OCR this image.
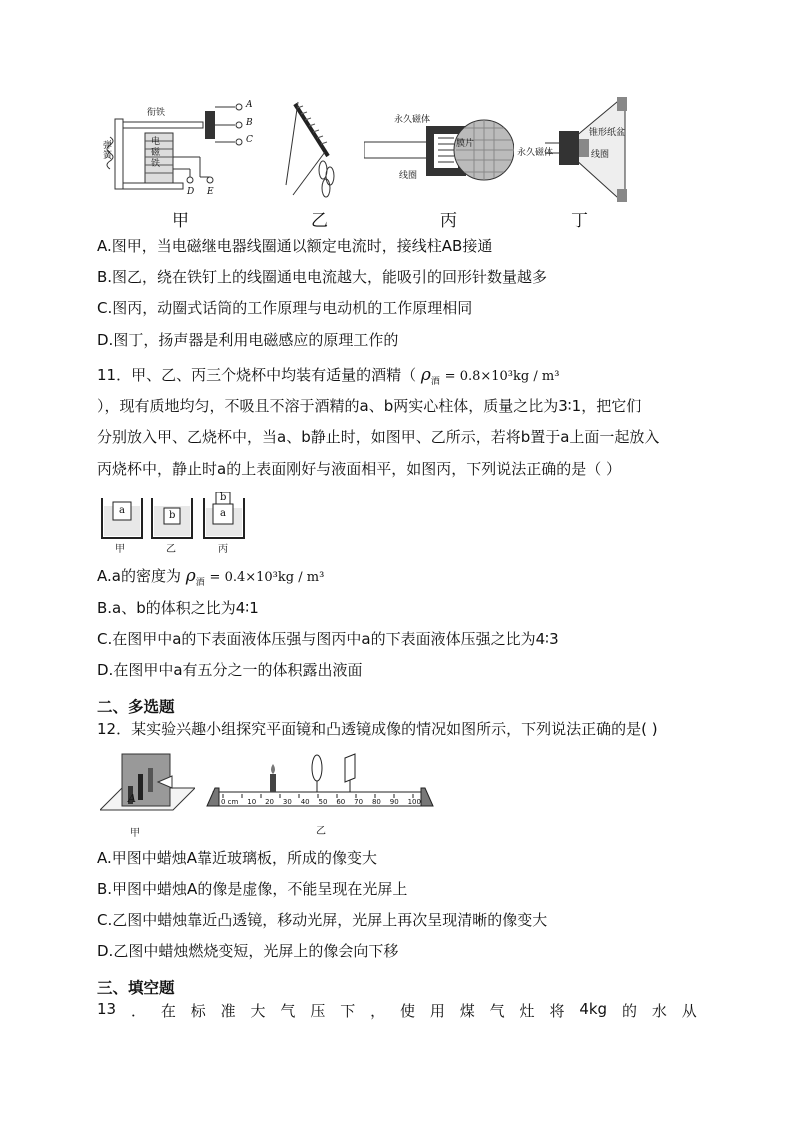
衔铁
弹簧
电磁铁
A
B
C
D E
永久磁体
膜片
线圈
永久磁体
锥形纸盆
线圈
甲	乙	丙	丁
A.图甲，当电磁继电器线圈通以额定电流时，接线柱AB接通
B.图乙，绕在铁钉上的线圈通电电流越大，能吸引的回形针数量越多
C.图丙，动圈式话筒的工作原理与电动机的工作原理相同
D.图丁，扬声器是利用电磁感应的原理工作的
11．甲、乙、丙三个烧杯中均装有适量的酒精（ $\rho_酒 = 0.8\times 10^3kg / m^3$
），现有质地均匀，不吸且不溶于酒精的a、b两实心柱体，质量之比为3∶1，把它们
分别放入甲、乙烧杯中，当a、b静止时，如图甲、乙所示，若将b置于a上面一起放入
丙烧杯中，静止时a的上表面刚好与液面相平，如图丙，下列说法正确的是（ ）
a	b
b
a
甲	乙	丙
A.a的密度为 $\rho_酒 = 0.4\times 10^3kg / m^3$
B.a、b的体积之比为4∶1
C.在图甲中a的下表面液体压强与图丙中a的下表面液体压强之比为4∶3
D.在图甲中a有五分之一的体积露出液面
二、多选题
12．某实验兴趣小组探究平面镜和凸透镜成像的情况如图所示，下列说法正确的是( )
A
甲
0 cm 10 20 30 40 50 60 70 80 90 100
乙
A.甲图中蜡烛A靠近玻璃板，所成的像变大
B.甲图中蜡烛A的像是虚像，不能呈现在光屏上
C.乙图中蜡烛靠近凸透镜，移动光屏，光屏上再次呈现清晰的像变大
D.乙图中蜡烛燃烧变短，光屏上的像会向下移
三、填空题
13 ． 在 标 准 大 气 压 下 ， 使 用 煤 气 灶 将 4kg 的 水 从
